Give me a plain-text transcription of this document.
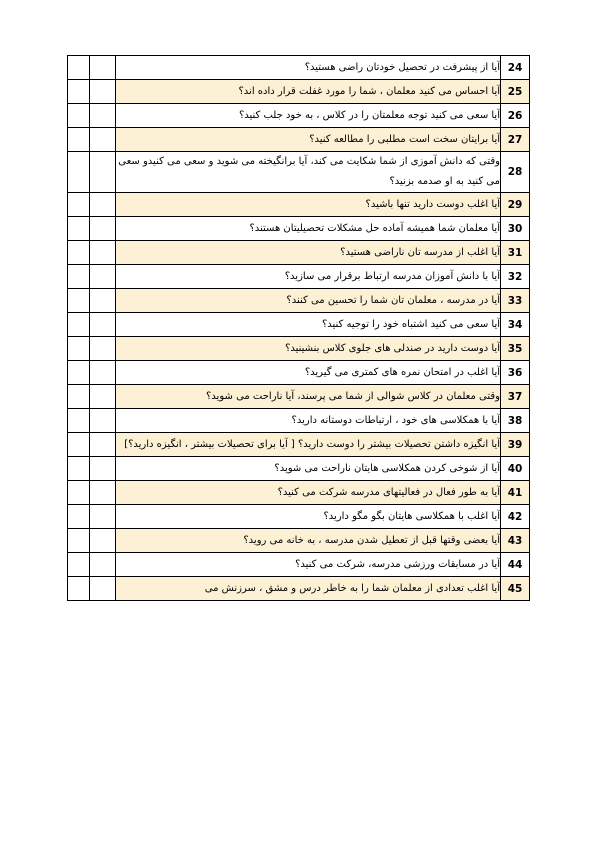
24	آیا از پیشرفت در تحصیل خودتان راضی هستید؟		
25	آیا احساس می کنید معلمان ، شما را مورد غفلت قرار داده اند؟		
26	آیا سعی می کنید توجه معلمتان را در کلاس ، به خود جلب کنید؟		
27	آیا برایتان سخت است مطلبی را مطالعه کنید؟		
28	وقتی که دانش آموزی از شما شکایت می کند، آیا برانگیخته می شوید و سعی می کنیدو سعی می کنید به او صدمه بزنید؟		
29	آیا اغلب دوست دارید تنها باشید؟		
30	آیا معلمان شما همیشه آماده حل مشکلات تحصیلیتان هستند؟		
31	آیا اغلب از مدرسه تان ناراضی هستید؟		
32	آیا با دانش آموزان مدرسه ارتباط برقرار می سازید؟		
33	آیا در مدرسه ، معلمان تان شما را تحسین می کنند؟		
34	آیا سعی می کنید اشتباه خود را توجیه کنید؟		
35	آیا دوست دارید در صندلی های جلوی کلاس بنشینید؟		
36	آیا اغلب در امتحان نمره های کمتری می گیرید؟		
37	وقتی معلمان در کلاس شوالی از شما می پرسند، آیا ناراحت می شوید؟		
38	آیا با همکلاسی های خود ، ارتباطات دوستانه دارید؟		
39	آیا انگیزه داشتن تحصیلات بیشتر را دوست دارید؟ [ آیا برای تحصیلات بیشتر ، انگیزه دارید؟]		
40	آیا از شوخی کردن همکلاسی هایتان ناراحت می شوید؟		
41	آیا به طور فعال در فعالیتهای مدرسه شرکت می کنید؟		
42	آیا اغلب با همکلاسی هایتان بگو مگو دارید؟		
43	آیا بعضی وقتها قبل از تعطیل شدن مدرسه ، به خانه می روید؟		
44	آیا در مسابقات ورزشی مدرسه، شرکت می کنید؟		
45	آیا اغلب تعدادی از معلمان شما را به خاطر درس و مشق ، سرزنش می		
